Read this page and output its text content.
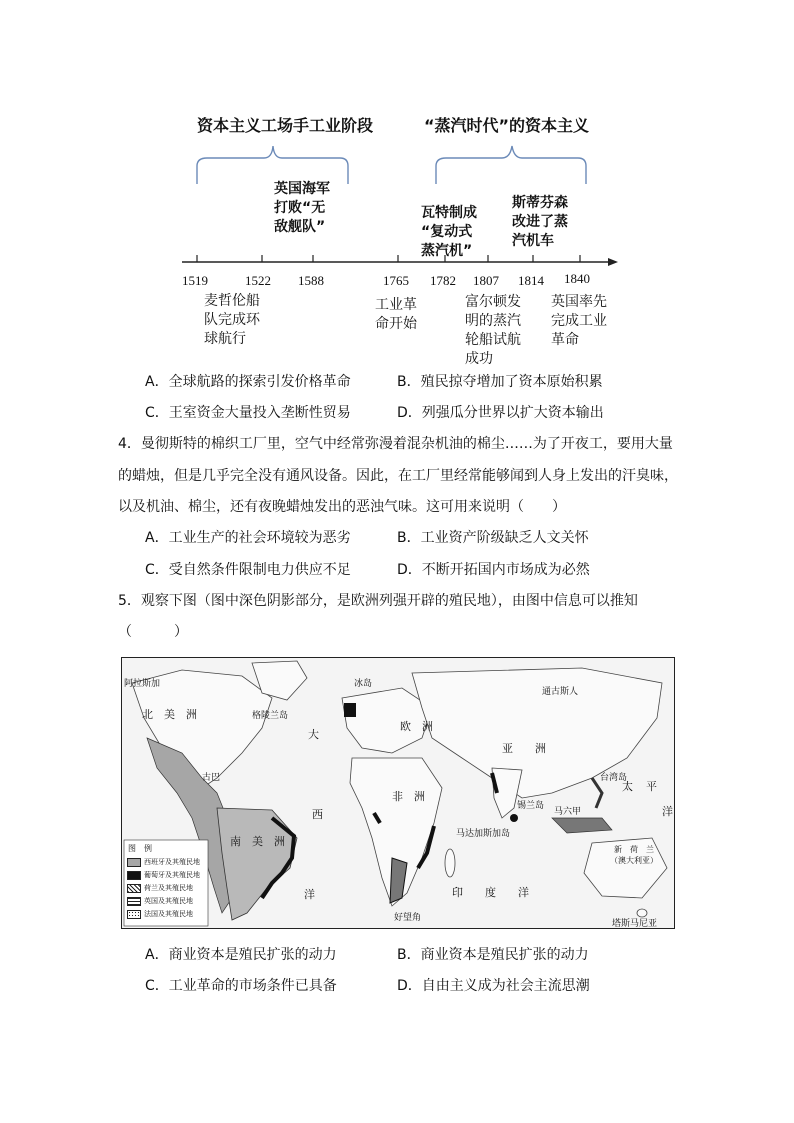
资本主义工场手工业阶段	“蒸汽时代”的资本主义
1519	1522 1588	1765 1782 1807 1814 1840
英国海军
打败“无
敌舰队”
瓦特制成
“复动式
蒸汽机”
斯蒂芬森
改进了蒸
汽机车
麦哲伦船
队完成环
球航行
工业革
命开始
富尔顿发
明的蒸汽
轮船试航
成功
英国率先
完成工业
革命
A．全球航路的探索引发价格革命	B．殖民掠夺增加了资本原始积累
C．王室资金大量投入垄断性贸易	D．列强瓜分世界以扩大资本输出
4．曼彻斯特的棉织工厂里，空气中经常弥漫着混杂机油的棉尘……为了开夜工，要用大量
的蜡烛，但是几乎完全没有通风设备。因此，在工厂里经常能够闻到人身上发出的汗臭味，
以及机油、棉尘，还有夜晚蜡烛发出的恶浊气味。这可用来说明（　　）
A．工业生产的社会环境较为恶劣	B．工业资产阶级缺乏人文关怀
C．受自然条件限制电力供应不足	D．不断开拓国内市场成为必然
5．观察下图（图中深色阴影部分，是欧洲列强开辟的殖民地），由图中信息可以推知
（　　　）
北　美　洲
南　美　洲
大
西
洋
欧　洲
亚　　洲
非　洲
印　　度　　洋
太 平
洋
格陵兰岛
冰岛
古巴
通古斯人
阿拉斯加
好望角
马达加斯加岛
新　荷　兰
（澳大利亚）
台湾岛
马六甲
锡兰岛
塔斯马尼亚
图　例
西班牙及其殖民地
葡萄牙及其殖民地
荷兰及其殖民地
英国及其殖民地
法国及其殖民地
A．商业资本是殖民扩张的动力	B．商业资本是殖民扩张的动力
C．工业革命的市场条件已具备	D．自由主义成为社会主流思潮
